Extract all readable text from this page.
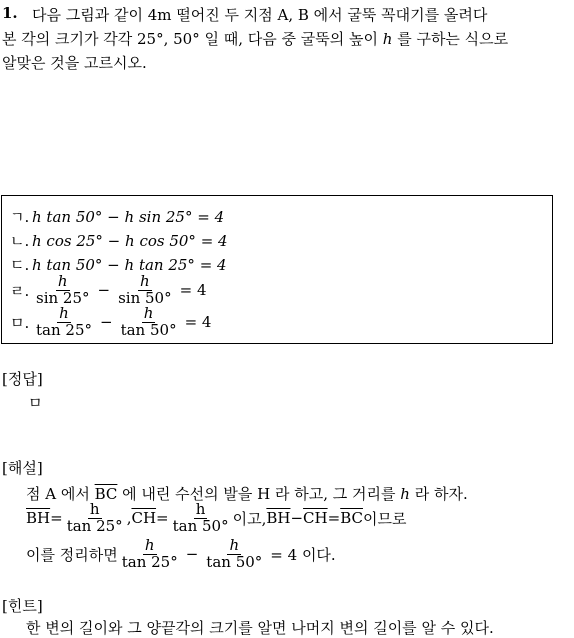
1. 다음 그림과 같이 4m 떨어진 두 지점 A, B 에서 굴뚝 꼭대기를 올려다
본 각의 크기가 각각 25°, 50° 일 때, 다음 중 굴뚝의 높이 h 를 구하는 식으로
알맞은 것을 고르시오.
ㄱ. h tan 50° − h sin 25° = 4
ㄴ. h cos 25° − h cos 50° = 4
ㄷ. h tan 50° − h tan 25° = 4
ㄹ. $\frac{h}{\sin 25^\circ} - \frac{h}{\sin 50^\circ} = 4$
ㅁ. $\frac{h}{\tan 25^\circ} - \frac{h}{\tan 50^\circ} = 4$
[정답]
ㅁ
[해설]
점 A 에서 $\overline{BC}$ 에 내린 수선의 발을 H 라 하고, 그 거리를 h 라 하자.
$\overline{BH} = \frac{h}{\tan 25^\circ}$ , $\overline{CH} = \frac{h}{\tan 50^\circ}$ 이고, $\overline{BH} - \overline{CH} = \overline{BC}$ 이므로
이를 정리하면 $\frac{h}{\tan 25^\circ} - \frac{h}{\tan 50^\circ} = 4$ 이다.
[힌트]
한 변의 길이와 그 양끝각의 크기를 알면 나머지 변의 길이를 알 수 있다.
